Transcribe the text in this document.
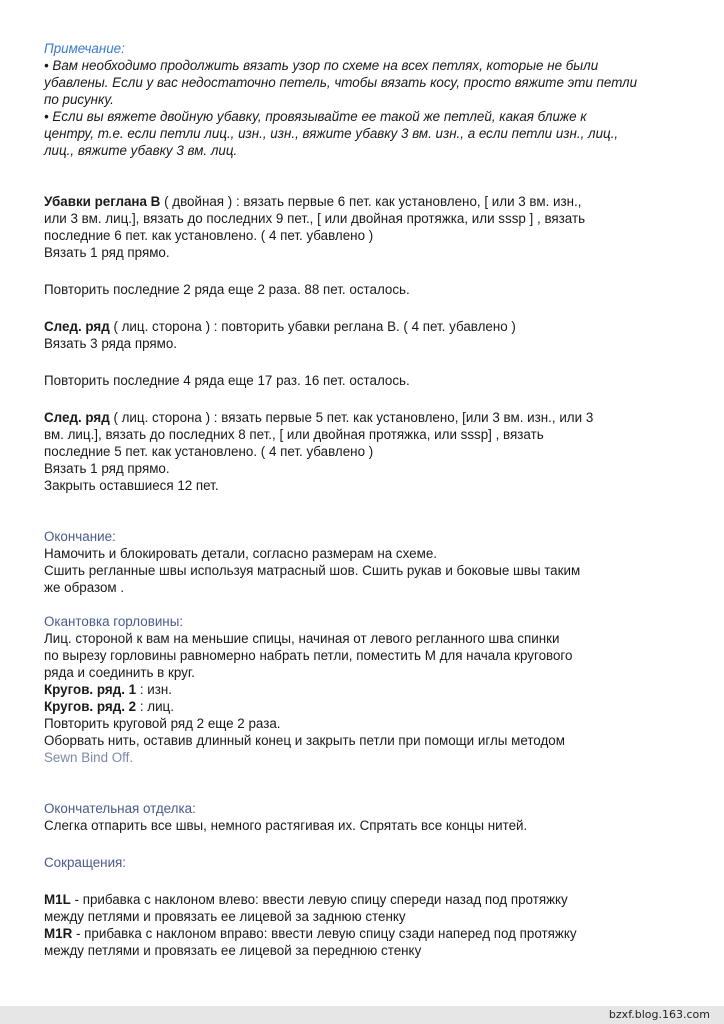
Примечание:

• Вам необходимо продолжить вязать узор по схеме на всех петлях, которые не были

убавлены. Если у вас недостаточно петель, чтобы вязать косу, просто вяжите эти петли

по рисунку.

• Если вы вяжете двойную убавку, провязывайте ее такой же петлей, какая ближе к

центру, т.е. если петли лиц., изн., изн., вяжите убавку 3 вм. изн., а если петли изн., лиц.,

лиц., вяжите убавку 3 вм. лиц.

Убавки реглана В ( двойная ) : вязать первые 6 пет. как установлено, [ или 3 вм. изн.,

или 3 вм. лиц.], вязать до последних 9 пет., [ или двойная протяжка, или sssp ] , вязать

последние 6 пет. как установлено. ( 4 пет. убавлено )

Вязать 1 ряд прямо.

Повторить последние 2 ряда еще 2 раза. 88 пет. осталось.

След. ряд ( лиц. сторона ) : повторить убавки реглана В. ( 4 пет. убавлено )

Вязать 3 ряда прямо.

Повторить последние 4 ряда еще 17 раз. 16 пет. осталось.

След. ряд ( лиц. сторона ) : вязать первые 5 пет. как установлено, [или 3 вм. изн., или 3

вм. лиц.], вязать до последних 8 пет., [ или двойная протяжка, или sssp] , вязать

последние 5 пет. как установлено. ( 4 пет. убавлено )

Вязать 1 ряд прямо.

Закрыть оставшиеся 12 пет.

Окончание:

Намочить и блокировать детали, согласно размерам на схеме.

Сшить регланные швы используя матрасный шов. Сшить рукав и боковые швы таким

же образом .

Окантовка горловины:

Лиц. стороной к вам на меньшие спицы, начиная от левого регланного шва спинки

по вырезу горловины равномерно набрать петли, поместить М для начала кругового

ряда и соединить в круг.

Кругов. ряд. 1 : изн.

Кругов. ряд. 2 : лиц.

Повторить круговой ряд 2 еще 2 раза.

Оборвать нить, оставив длинный конец и закрыть петли при помощи иглы методом

Sewn Bind Off.

Окончательная отделка:

Слегка отпарить все швы, немного растягивая их. Спрятать все концы нитей.

Сокращения:

M1L - прибавка с наклоном влево: ввести левую спицу спереди назад под протяжку

между петлями и провязать ее лицевой за заднюю стенку

M1R - прибавка с наклоном вправо: ввести левую спицу сзади наперед под протяжку

между петлями и провязать ее лицевой за переднюю стенку

bzxf.blog.163.com
